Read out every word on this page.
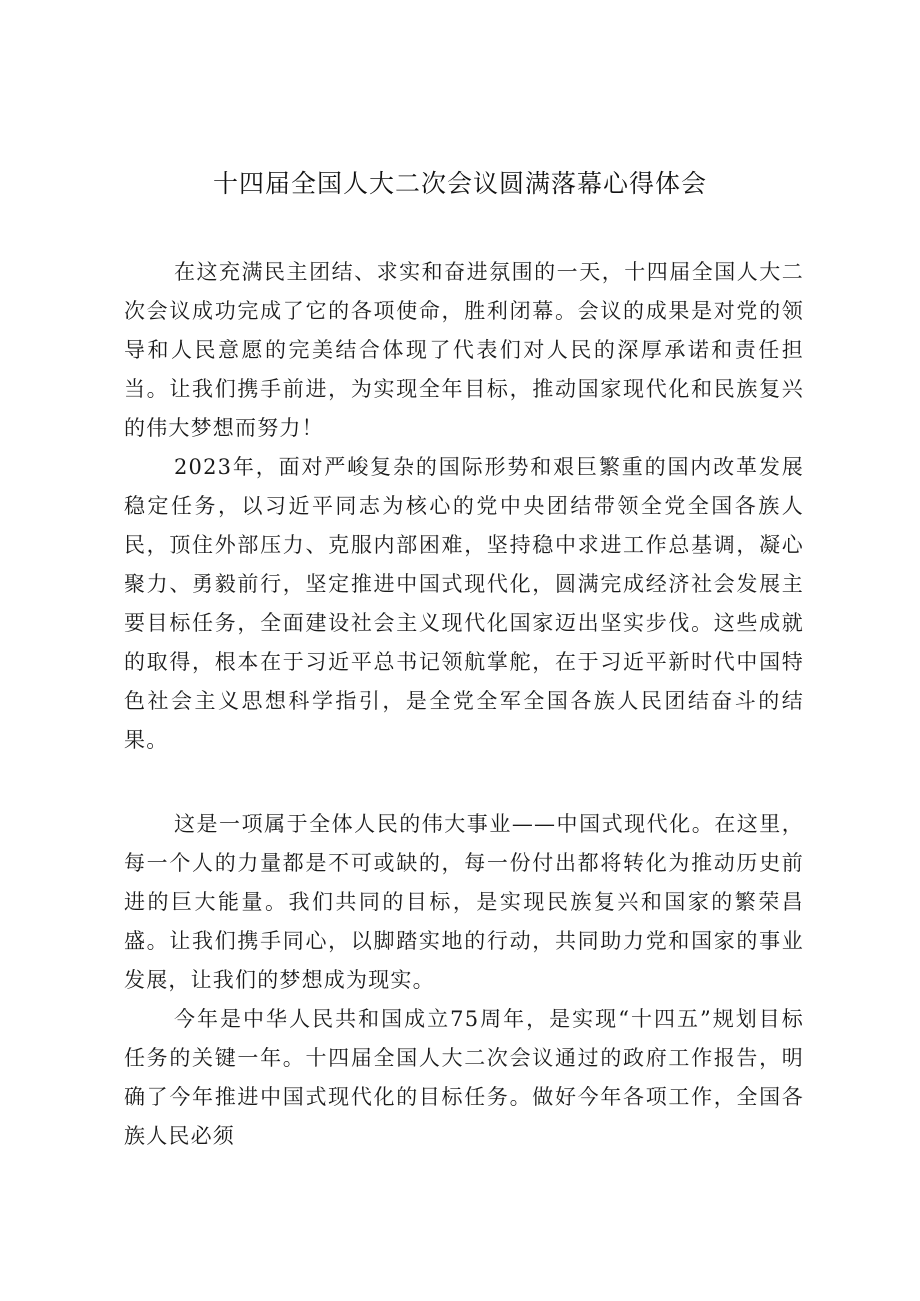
十四届全国人大二次会议圆满落幕心得体会

在这充满民主团结、求实和奋进氛围的一天，十四届全国人大二次会议成功完成了它的各项使命，胜利闭幕。会议的成果是对党的领导和人民意愿的完美结合体现了代表们对人民的深厚承诺和责任担当。让我们携手前进，为实现全年目标，推动国家现代化和民族复兴的伟大梦想而努力！

2023年，面对严峻复杂的国际形势和艰巨繁重的国内改革发展稳定任务，以习近平同志为核心的党中央团结带领全党全国各族人民，顶住外部压力、克服内部困难，坚持稳中求进工作总基调，凝心聚力、勇毅前行，坚定推进中国式现代化，圆满完成经济社会发展主要目标任务，全面建设社会主义现代化国家迈出坚实步伐。这些成就的取得，根本在于习近平总书记领航掌舵，在于习近平新时代中国特色社会主义思想科学指引，是全党全军全国各族人民团结奋斗的结果。

这是一项属于全体人民的伟大事业——中国式现代化。在这里，每一个人的力量都是不可或缺的，每一份付出都将转化为推动历史前进的巨大能量。我们共同的目标，是实现民族复兴和国家的繁荣昌盛。让我们携手同心，以脚踏实地的行动，共同助力党和国家的事业发展，让我们的梦想成为现实。

今年是中华人民共和国成立75周年，是实现“十四五”规划目标任务的关键一年。十四届全国人大二次会议通过的政府工作报告，明确了今年推进中国式现代化的目标任务。做好今年各项工作，全国各族人民必须
